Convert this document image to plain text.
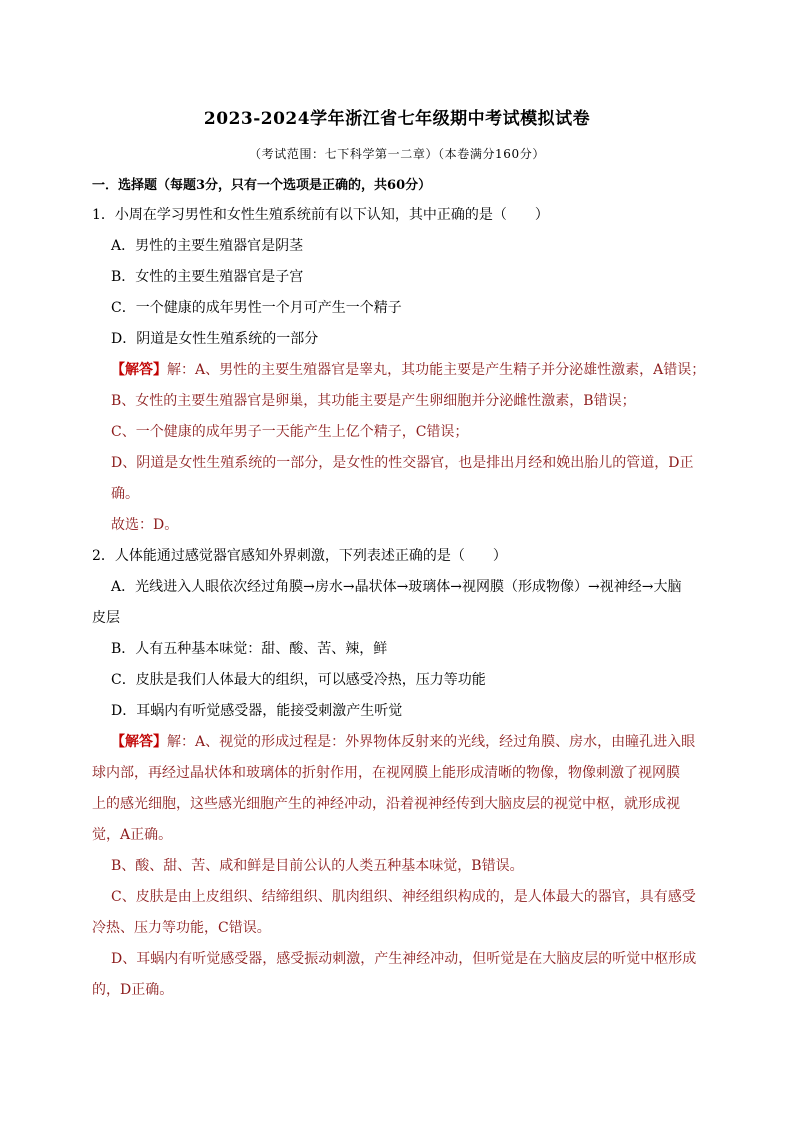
2023-2024学年浙江省七年级期中考试模拟试卷
（考试范围：七下科学第一二章）（本卷满分160分）
一．选择题（每题3分，只有一个选项是正确的，共60分）
1．小周在学习男性和女性生殖系统前有以下认知，其中正确的是（　　）
A．男性的主要生殖器官是阴茎
B．女性的主要生殖器官是子宫
C．一个健康的成年男性一个月可产生一个精子
D．阴道是女性生殖系统的一部分
【解答】解：A、男性的主要生殖器官是睾丸，其功能主要是产生精子并分泌雄性激素，A错误；
B、女性的主要生殖器官是卵巢，其功能主要是产生卵细胞并分泌雌性激素，B错误；
C、一个健康的成年男子一天能产生上亿个精子，C错误；
D、阴道是女性生殖系统的一部分，是女性的性交器官，也是排出月经和娩出胎儿的管道，D正
确。
故选：D。
2．人体能通过感觉器官感知外界刺激，下列表述正确的是（　　）
A．光线进入人眼依次经过角膜→房水→晶状体→玻璃体→视网膜（形成物像）→视神经→大脑
皮层
B．人有五种基本味觉：甜、酸、苦、辣，鲜
C．皮肤是我们人体最大的组织，可以感受冷热，压力等功能
D．耳蜗内有听觉感受器，能接受刺激产生听觉
【解答】解：A、视觉的形成过程是：外界物体反射来的光线，经过角膜、房水，由瞳孔进入眼
球内部，再经过晶状体和玻璃体的折射作用，在视网膜上能形成清晰的物像，物像刺激了视网膜
上的感光细胞，这些感光细胞产生的神经冲动，沿着视神经传到大脑皮层的视觉中枢，就形成视
觉，A正确。
B、酸、甜、苦、咸和鲜是目前公认的人类五种基本味觉，B错误。
C、皮肤是由上皮组织、结缔组织、肌肉组织、神经组织构成的，是人体最大的器官，具有感受
冷热、压力等功能，C错误。
D、耳蜗内有听觉感受器，感受振动刺激，产生神经冲动，但听觉是在大脑皮层的听觉中枢形成
的，D正确。
